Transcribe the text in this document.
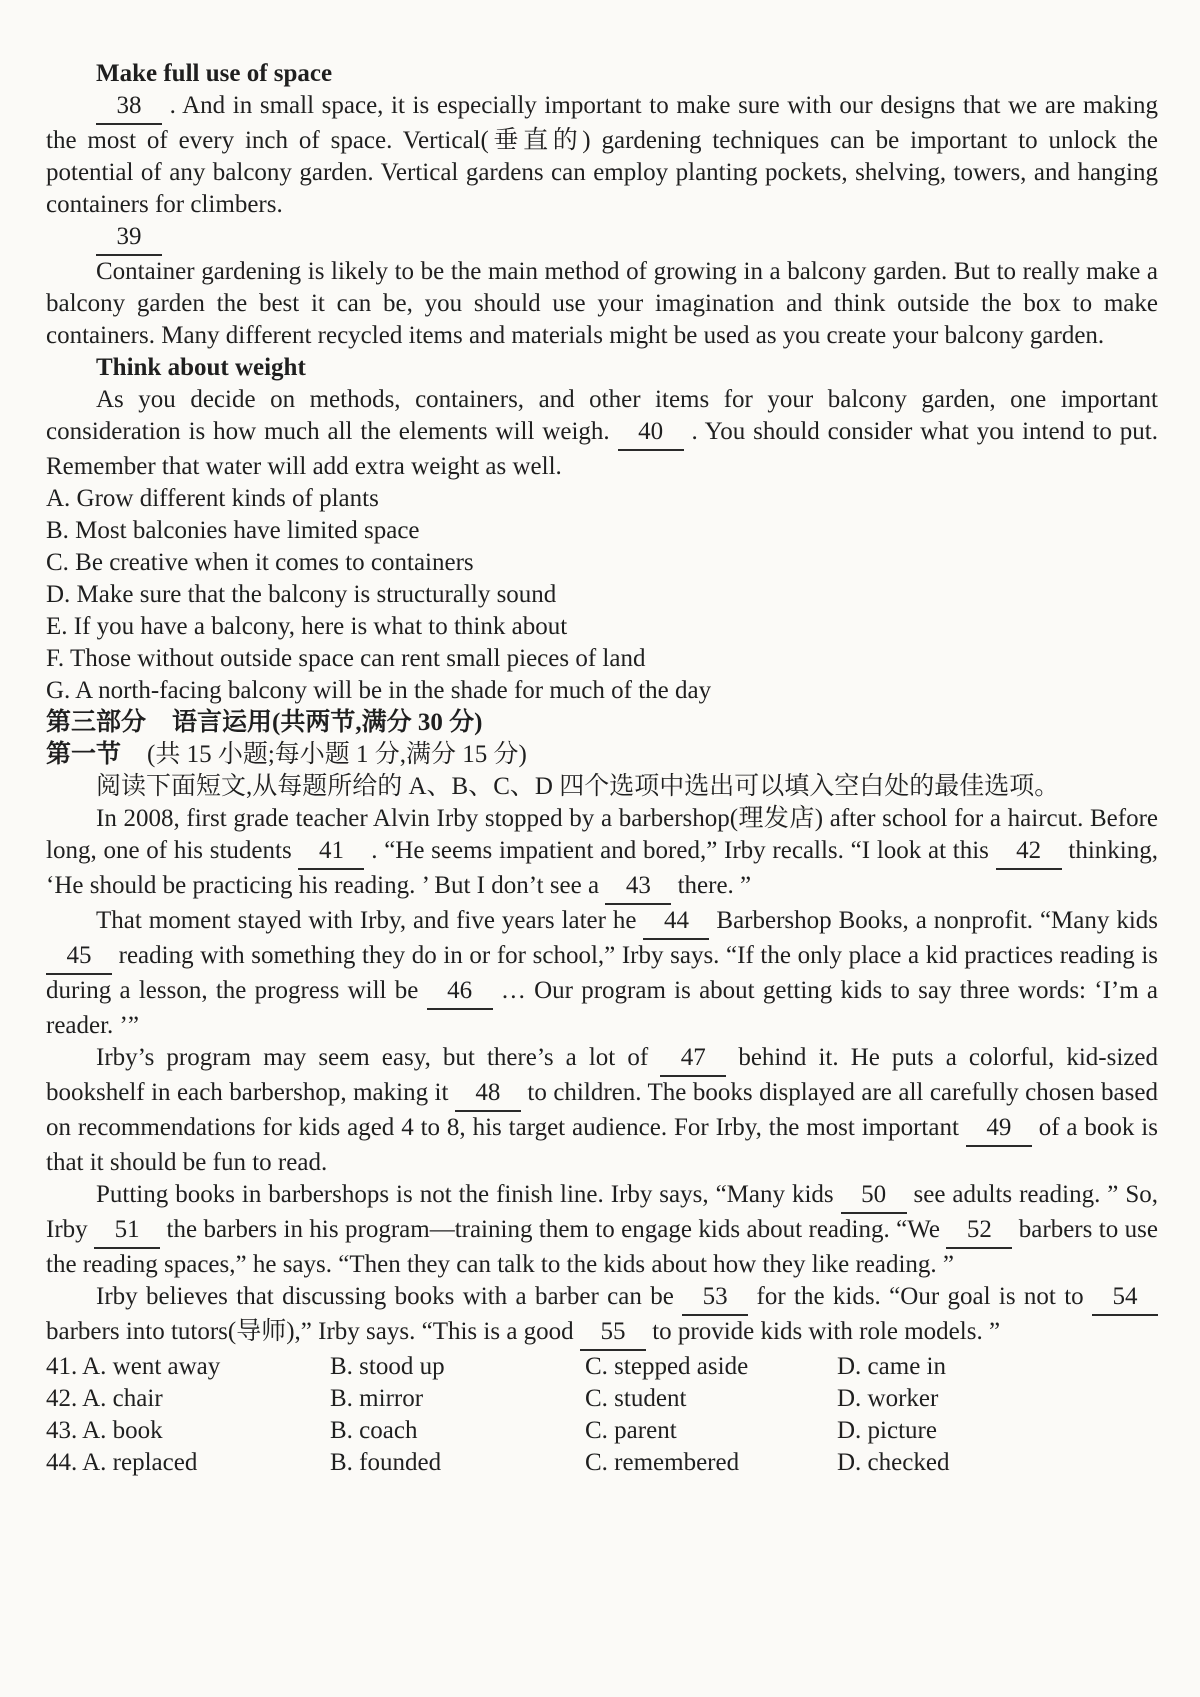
Make full use of space

38 . And in small space, it is especially important to make sure with our designs that we are making the most of every inch of space. Vertical(垂直的) gardening techniques can be important to unlock the potential of any balcony garden. Vertical gardens can employ planting pockets, shelving, towers, and hanging containers for climbers.

39

Container gardening is likely to be the main method of growing in a balcony garden. But to really make a balcony garden the best it can be, you should use your imagination and think outside the box to make containers. Many different recycled items and materials might be used as you create your balcony garden.

Think about weight

As you decide on methods, containers, and other items for your balcony garden, one important consideration is how much all the elements will weigh. 40 . You should consider what you intend to put. Remember that water will add extra weight as well.

A. Grow different kinds of plants

B. Most balconies have limited space

C. Be creative when it comes to containers

D. Make sure that the balcony is structurally sound

E. If you have a balcony, here is what to think about

F. Those without outside space can rent small pieces of land

G. A north-facing balcony will be in the shade for much of the day

第三部分 语言运用(共两节,满分 30 分)

第一节 (共 15 小题;每小题 1 分,满分 15 分)

阅读下面短文,从每题所给的 A、B、C、D 四个选项中选出可以填入空白处的最佳选项。

In 2008, first grade teacher Alvin Irby stopped by a barbershop(理发店) after school for a haircut. Before long, one of his students 41 . “He seems impatient and bored,” Irby recalls. “I look at this 42 thinking, ‘He should be practicing his reading. ’ But I don’t see a 43 there. ”

That moment stayed with Irby, and five years later he 44 Barbershop Books, a nonprofit. “Many kids 45 reading with something they do in or for school,” Irby says. “If the only place a kid practices reading is during a lesson, the progress will be 46 … Our program is about getting kids to say three words: ‘I’m a reader. ’”

Irby’s program may seem easy, but there’s a lot of 47 behind it. He puts a colorful, kid-sized bookshelf in each barbershop, making it 48 to children. The books displayed are all carefully chosen based on recommendations for kids aged 4 to 8, his target audience. For Irby, the most important 49 of a book is that it should be fun to read.

Putting books in barbershops is not the finish line. Irby says, “Many kids 50 see adults reading. ” So, Irby 51 the barbers in his program—training them to engage kids about reading. “We 52 barbers to use the reading spaces,” he says. “Then they can talk to the kids about how they like reading. ”

Irby believes that discussing books with a barber can be 53 for the kids. “Our goal is not to 54 barbers into tutors(导师),” Irby says. “This is a good 55 to provide kids with role models. ”

41. A. went away	B. stood up	C. stepped aside	D. came in
42. A. chair	B. mirror	C. student	D. worker
43. A. book	B. coach	C. parent	D. picture
44. A. replaced	B. founded	C. remembered	D. checked
